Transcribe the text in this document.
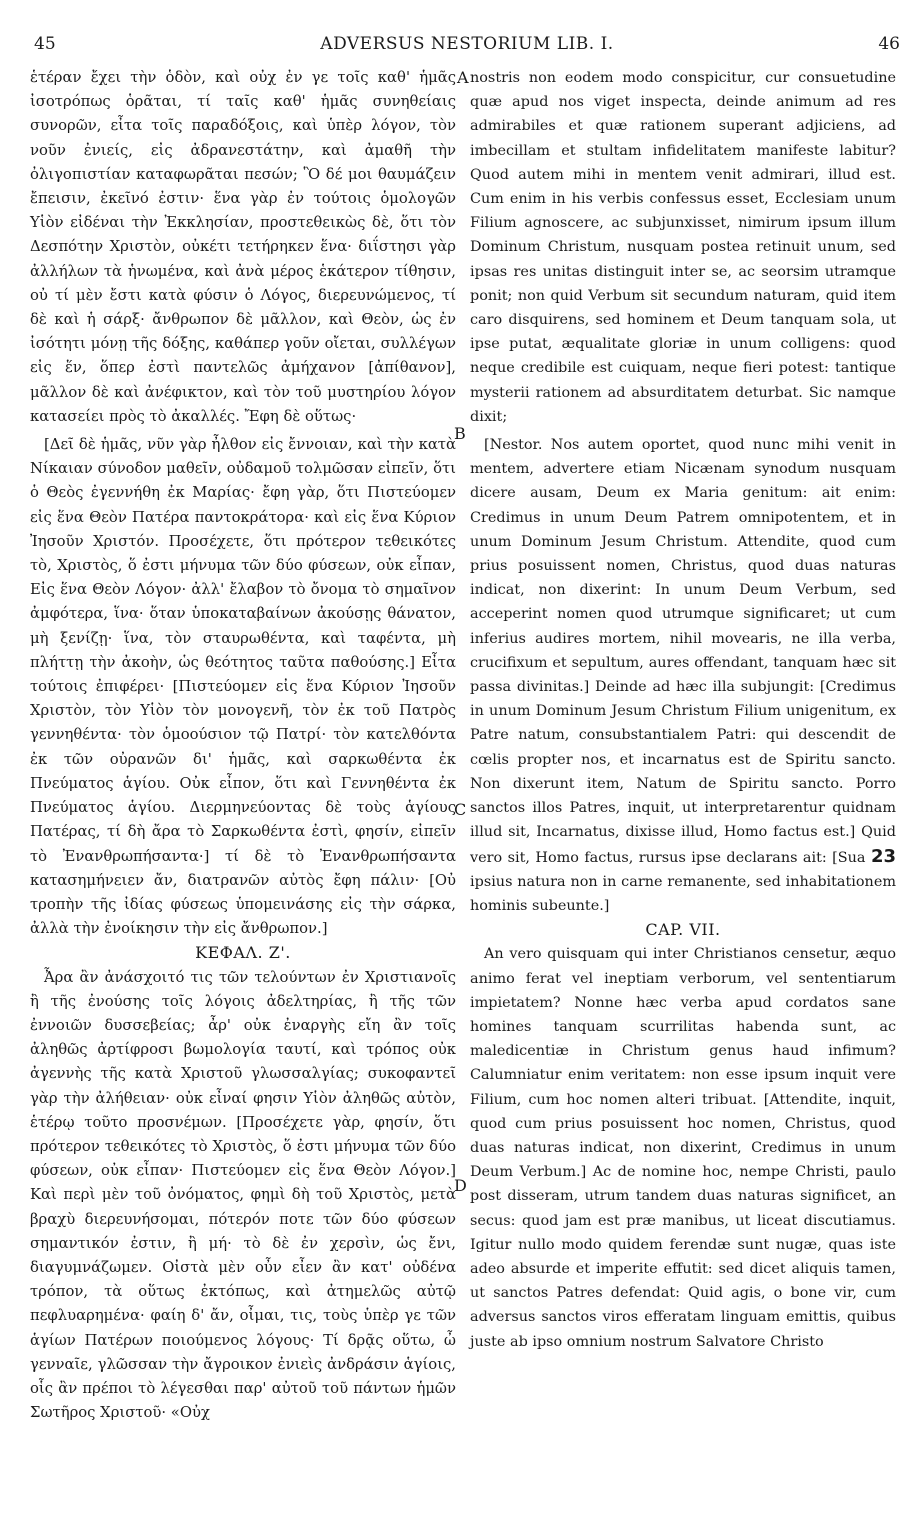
45	ADVERSUS NESTORIUM LIB. I.	46

ἑτέραν ἔχει τὴν ὁδὸν, καὶ οὐχ ἐν γε τοῖς καθ' ἡμᾶς ἰσοτρόπως ὁρᾶται, τί ταῖς καθ' ἡμᾶς συνηθείαις συνορῶν, εἶτα τοῖς παραδόξοις, καὶ ὑπὲρ λόγον, τὸν νοῦν ἐνιείς, εἰς ἀδρανεστάτην, καὶ ἀμαθῆ τὴν ὀλιγοπιστίαν καταφωρᾶται πεσών; Ὃ δέ μοι θαυμάζειν ἔπεισιν, ἐκεῖνό ἐστιν· ἕνα γὰρ ἐν τούτοις ὁμολογῶν Υἱὸν εἰδέναι τὴν Ἐκκλησίαν, προστεθεικὼς δὲ, ὅτι τὸν Δεσπότην Χριστὸν, οὐκέτι τετήρηκεν ἕνα· διΐστησι γὰρ ἀλλήλων τὰ ἡνωμένα, καὶ ἀνὰ μέρος ἑκάτερον τίθησιν, οὐ τί μὲν ἔστι κατὰ φύσιν ὁ Λόγος, διερευνώμενος, τί δὲ καὶ ἡ σάρξ· ἄνθρωπον δὲ μᾶλλον, καὶ Θεὸν, ὡς ἐν ἰσότητι μόνῃ τῆς δόξης, καθάπερ γοῦν οἴεται, συλλέγων εἰς ἕν, ὅπερ ἐστὶ παντελῶς ἀμήχανον [ἀπίθανον], μᾶλλον δὲ καὶ ἀνέφικτον, καὶ τὸν τοῦ μυστηρίου λόγον κατασείει πρὸς τὸ ἀκαλλές. Ἔφη δὲ οὕτως·

[Δεῖ δὲ ἡμᾶς, νῦν γὰρ ἦλθον εἰς ἔννοιαν, καὶ τὴν κατὰ Νίκαιαν σύνοδον μαθεῖν, οὐδαμοῦ τολμῶσαν εἰπεῖν, ὅτι ὁ Θεὸς ἐγεννήθη ἐκ Μαρίας· ἔφη γὰρ, ὅτι Πιστεύομεν εἰς ἕνα Θεὸν Πατέρα παντοκράτορα· καὶ εἰς ἕνα Κύριον Ἰησοῦν Χριστόν. Προσέχετε, ὅτι πρότερον τεθεικότες τὸ, Χριστὸς, ὅ ἐστι μήνυμα τῶν δύο φύσεων, οὐκ εἶπαν, Εἰς ἕνα Θεὸν Λόγον· ἀλλ' ἔλαβον τὸ ὄνομα τὸ σημαῖνον ἀμφότερα, ἵνα· ὅταν ὑποκαταβαίνων ἀκούσῃς θάνατον, μὴ ξενίζῃ· ἵνα, τὸν σταυρωθέντα, καὶ ταφέντα, μὴ πλήττῃ τὴν ἀκοὴν, ὡς θεότητος ταῦτα παθούσης.] Εἶτα τούτοις ἐπιφέρει· [Πιστεύομεν εἰς ἕνα Κύριον Ἰησοῦν Χριστὸν, τὸν Υἱὸν τὸν μονογενῆ, τὸν ἐκ τοῦ Πατρὸς γεννηθέντα· τὸν ὁμοούσιον τῷ Πατρί· τὸν κατελθόντα ἐκ τῶν οὐρανῶν δι' ἡμᾶς, καὶ σαρκωθέντα ἐκ Πνεύματος ἁγίου. Οὐκ εἶπον, ὅτι καὶ Γεννηθέντα ἐκ Πνεύματος ἁγίου. Διερμηνεύοντας δὲ τοὺς ἁγίους Πατέρας, τί δὴ ἄρα τὸ Σαρκωθέντα ἐστὶ, φησίν, εἰπεῖν τὸ Ἐνανθρωπήσαντα·] τί δὲ τὸ Ἐνανθρωπήσαντα κατασημήνειεν ἄν, διατρανῶν αὐτὸς ἔφη πάλιν· [Οὐ τροπὴν τῆς ἰδίας φύσεως ὑπομεινάσης εἰς τὴν σάρκα, ἀλλὰ τὴν ἐνοίκησιν τὴν εἰς ἄνθρωπον.]

ΚΕΦΑΛ. Ζ'.

Ἆρα ἂν ἀνάσχοιτό τις τῶν τελούντων ἐν Χριστιανοῖς ἢ τῆς ἐνούσης τοῖς λόγοις ἀδελτηρίας, ἢ τῆς τῶν ἐννοιῶν δυσσεβείας; ἆρ' οὐκ ἐναργὴς εἴη ἂν τοῖς ἀληθῶς ἀρτίφροσι βωμολογία ταυτί, καὶ τρόπος οὐκ ἀγεννὴς τῆς κατὰ Χριστοῦ γλωσσαλγίας; συκοφαντεῖ γὰρ τὴν ἀλήθειαν· οὐκ εἶναί φησιν Υἱὸν ἀληθῶς αὐτὸν, ἑτέρῳ τοῦτο προσνέμων. [Προσέχετε γὰρ, φησίν, ὅτι πρότερον τεθεικότες τὸ Χριστὸς, ὅ ἐστι μήνυμα τῶν δύο φύσεων, οὐκ εἶπαν· Πιστεύομεν εἰς ἕνα Θεὸν Λόγον.] Καὶ περὶ μὲν τοῦ ὀνόματος, φημὶ δὴ τοῦ Χριστὸς, μετὰ βραχὺ διερευνήσομαι, πότερόν ποτε τῶν δύο φύσεων σημαντικόν ἐστιν, ἢ μή· τὸ δὲ ἐν χερσὶν, ὡς ἔνι, διαγυμνάζωμεν. Οἰστὰ μὲν οὖν εἶεν ἂν κατ' οὐδένα τρόπον, τὰ οὕτως ἐκτόπως, καὶ ἀτημελῶς αὐτῷ πεφλυαρημένα· φαίη δ' ἄν, οἶμαι, τις, τοὺς ὑπὲρ γε τῶν ἁγίων Πατέρων ποιούμενος λόγους· Τί δρᾷς οὕτω, ὦ γενναῖε, γλῶσσαν τὴν ἄγροικον ἐνιεὶς ἀνδράσιν ἁγίοις, οἷς ἂν πρέποι τὸ λέγεσθαι παρ' αὐτοῦ τοῦ πάντων ἡμῶν Σωτῆρος Χριστοῦ· «Οὐχ

nostris non eodem modo conspicitur, cur consuetudine quæ apud nos viget inspecta, deinde animum ad res admirabiles et quæ rationem superant adjiciens, ad imbecillam et stultam infidelitatem manifeste labitur? Quod autem mihi in mentem venit admirari, illud est. Cum enim in his verbis confessus esset, Ecclesiam unum Filium agnoscere, ac subjunxisset, nimirum ipsum illum Dominum Christum, nusquam postea retinuit unum, sed ipsas res unitas distinguit inter se, ac seorsim utramque ponit; non quid Verbum sit secundum naturam, quid item caro disquirens, sed hominem et Deum tanquam sola, ut ipse putat, æqualitate gloriæ in unum colligens: quod neque credibile est cuiquam, neque fieri potest: tantique mysterii rationem ad absurditatem deturbat. Sic namque dixit;

[Nestor. Nos autem oportet, quod nunc mihi venit in mentem, advertere etiam Nicænam synodum nusquam dicere ausam, Deum ex Maria genitum: ait enim: Credimus in unum Deum Patrem omnipotentem, et in unum Dominum Jesum Christum. Attendite, quod cum prius posuissent nomen, Christus, quod duas naturas indicat, non dixerint: In unum Deum Verbum, sed acceperint nomen quod utrumque significaret; ut cum inferius audires mortem, nihil movearis, ne illa verba, crucifixum et sepultum, aures offendant, tanquam hæc sit passa divinitas.] Deinde ad hæc illa subjungit: [Credimus in unum Dominum Jesum Christum Filium unigenitum, ex Patre natum, consubstantialem Patri: qui descendit de cœlis propter nos, et incarnatus est de Spiritu sancto. Non dixerunt item, Natum de Spiritu sancto. Porro sanctos illos Patres, inquit, ut interpretarentur quidnam illud sit, Incarnatus, dixisse illud, Homo factus est.] Quid vero sit, Homo factus, rursus ipse declarans ait: [Sua 23 ipsius natura non in carne remanente, sed inhabitationem hominis subeunte.]

CAP. VII.

An vero quisquam qui inter Christianos censetur, æquo animo ferat vel ineptiam verborum, vel sententiarum impietatem? Nonne hæc verba apud cordatos sane homines tanquam scurrilitas habenda sunt, ac maledicentiæ in Christum genus haud infimum? Calumniatur enim veritatem: non esse ipsum inquit vere Filium, cum hoc nomen alteri tribuat. [Attendite, inquit, quod cum prius posuissent hoc nomen, Christus, quod duas naturas indicat, non dixerint, Credimus in unum Deum Verbum.] Ac de nomine hoc, nempe Christi, paulo post disseram, utrum tandem duas naturas significet, an secus: quod jam est præ manibus, ut liceat discutiamus. Igitur nullo modo quidem ferendæ sunt nugæ, quas iste adeo absurde et imperite effutit: sed dicet aliquis tamen, ut sanctos Patres defendat: Quid agis, o bone vir, cum adversus sanctos viros efferatam linguam emittis, quibus juste ab ipso omnium nostrum Salvatore Christo

A
B
C
D
